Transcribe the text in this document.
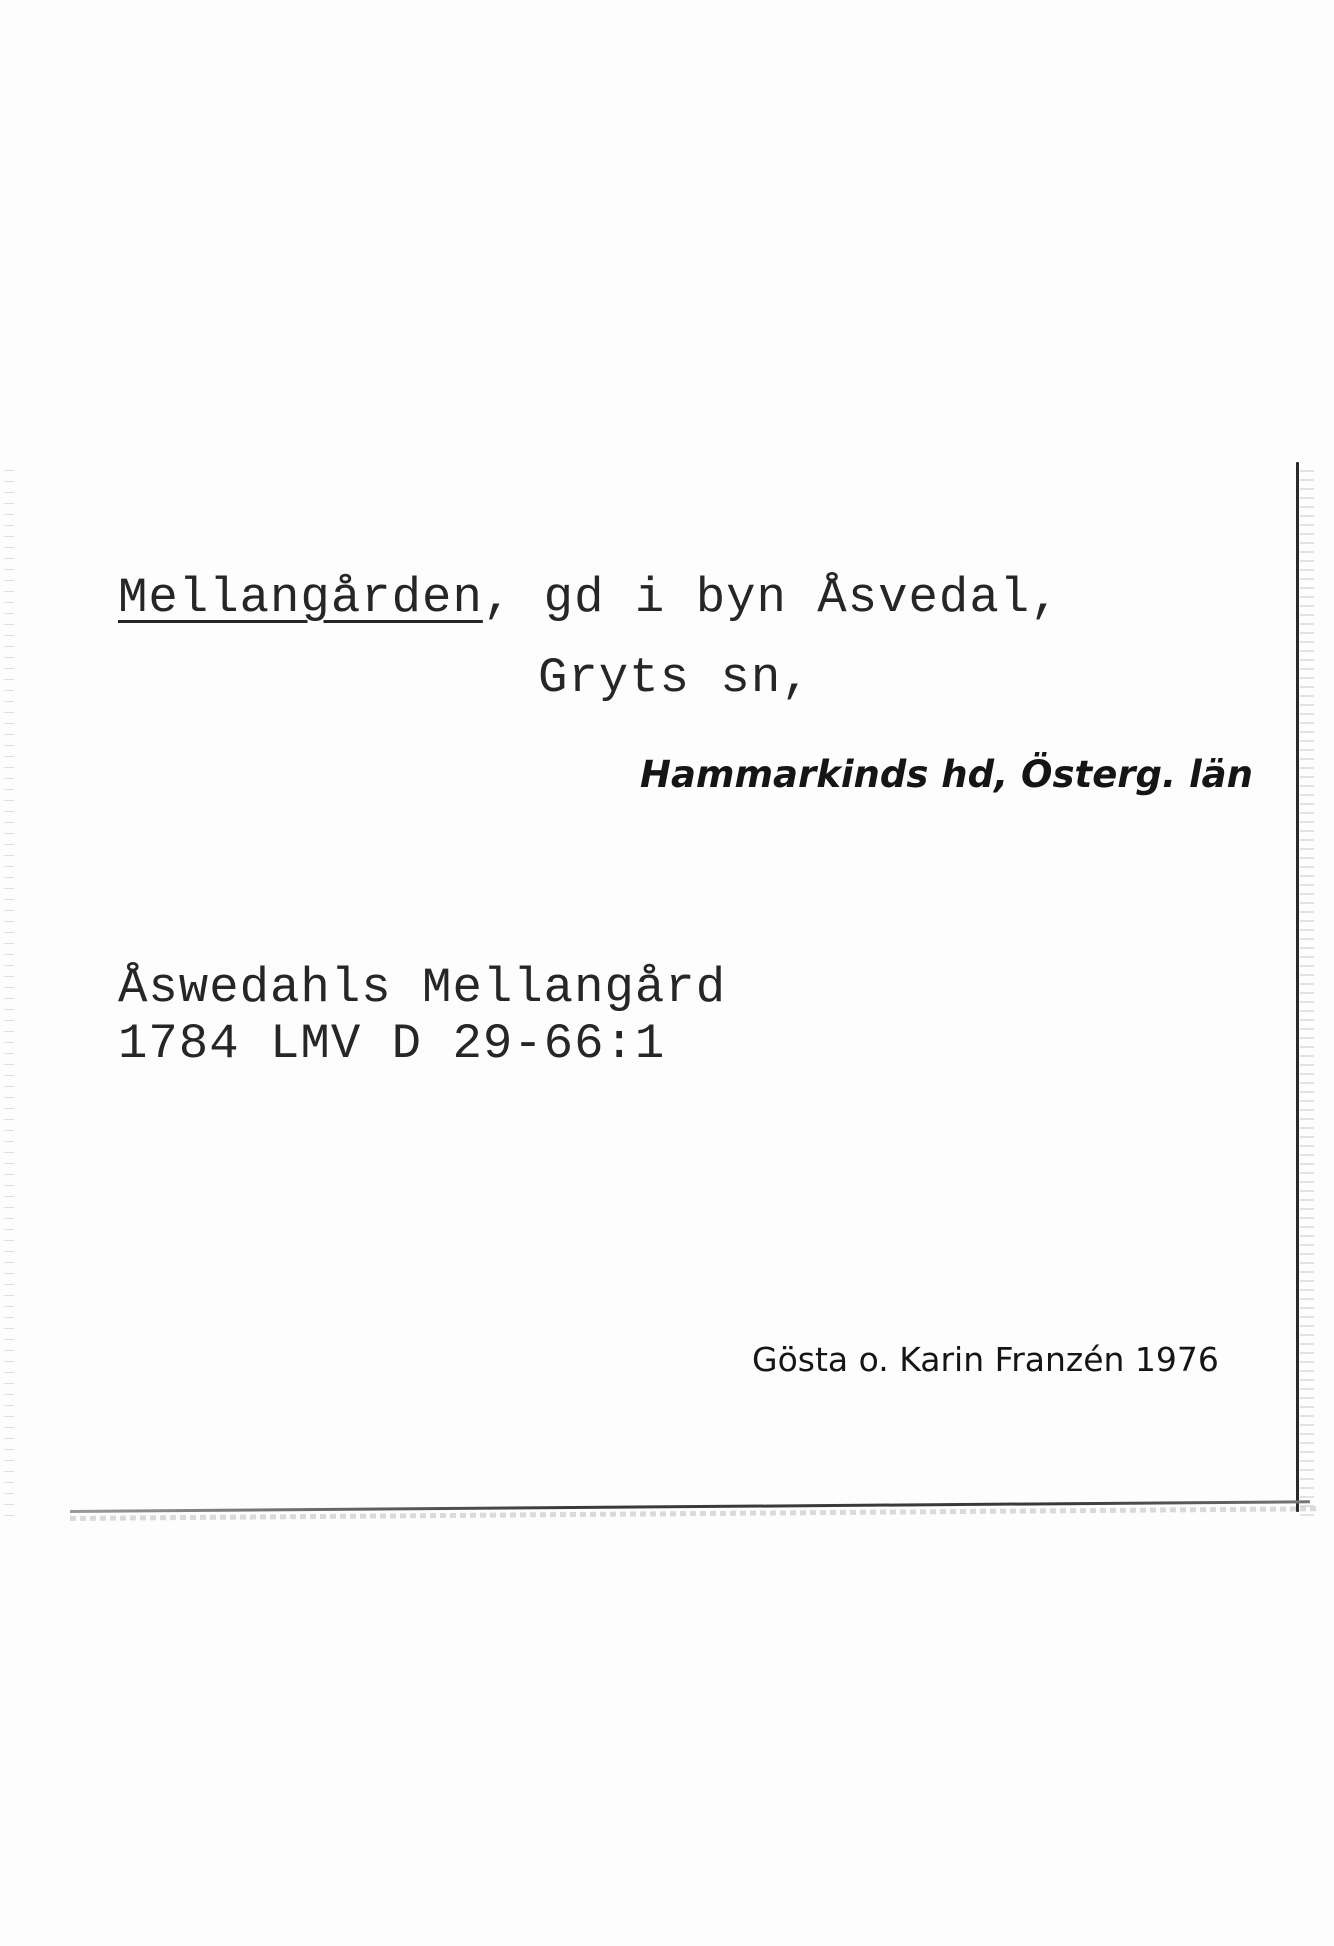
Mellangården, gd i byn Åsvedal,
Gryts sn,
Hammarkinds hd, Österg. län
Åswedahls Mellangård
1784 LMV D 29-66:1
Gösta o. Karin Franzén 1976
